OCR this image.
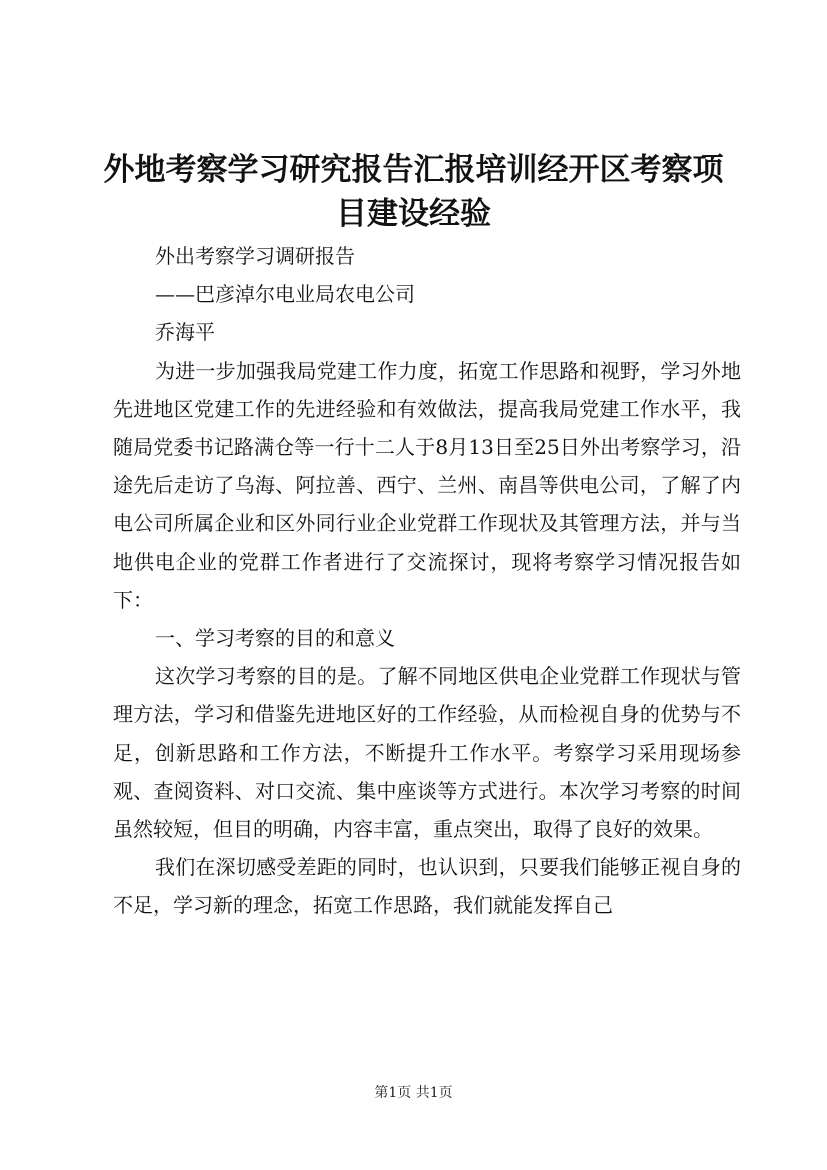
外地考察学习研究报告汇报培训经开区考察项目建设经验

外出考察学习调研报告

——巴彦淖尔电业局农电公司

乔海平

为进一步加强我局党建工作力度，拓宽工作思路和视野，学习外地先进地区党建工作的先进经验和有效做法，提高我局党建工作水平，我随局党委书记路满仓等一行十二人于8月13日至25日外出考察学习，沿途先后走访了乌海、阿拉善、西宁、兰州、南昌等供电公司，了解了内电公司所属企业和区外同行业企业党群工作现状及其管理方法，并与当地供电企业的党群工作者进行了交流探讨，现将考察学习情况报告如下：

一、学习考察的目的和意义

这次学习考察的目的是。了解不同地区供电企业党群工作现状与管理方法，学习和借鉴先进地区好的工作经验，从而检视自身的优势与不足，创新思路和工作方法，不断提升工作水平。考察学习采用现场参观、查阅资料、对口交流、集中座谈等方式进行。本次学习考察的时间虽然较短，但目的明确，内容丰富，重点突出，取得了良好的效果。

我们在深切感受差距的同时，也认识到，只要我们能够正视自身的不足，学习新的理念，拓宽工作思路，我们就能发挥自己

第1页 共1页
